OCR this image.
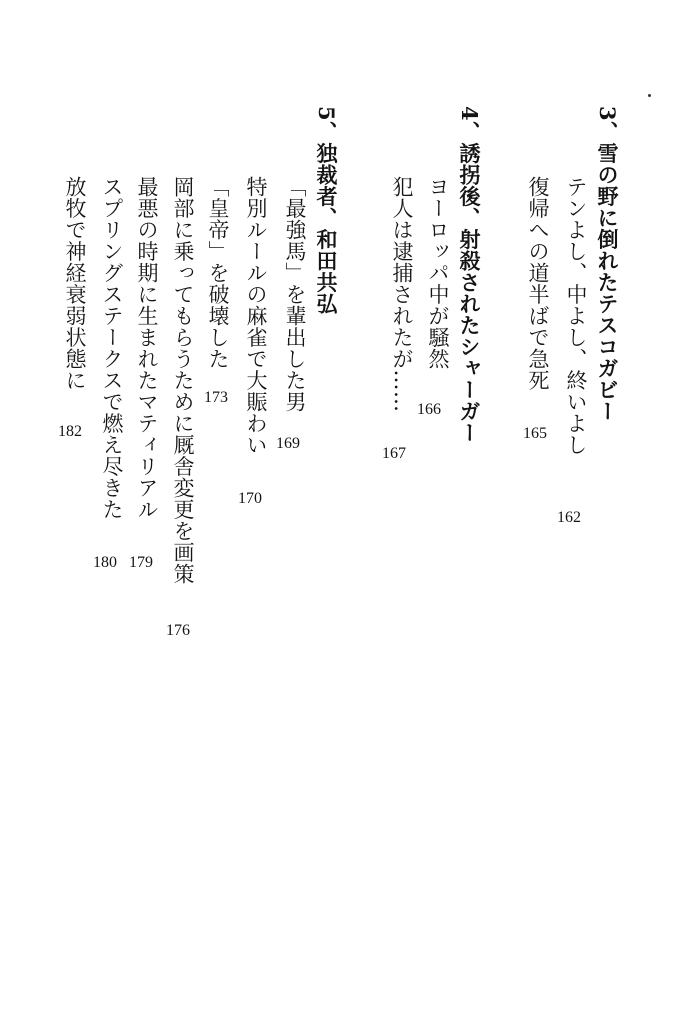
3、雪の野に倒れたテスコガビー
テンよし、中よし、終いよし
162
復帰への道半ばで急死
165
4、誘拐後、射殺されたシャーガー
ヨーロッパ中が騒然
166
犯人は逮捕されたが……
167
5、独裁者、和田共弘
「最強馬」を輩出した男
169
特別ルールの麻雀で大賑わい
170
「皇帝」を破壊した
173
岡部に乗ってもらうために厩舎変更を画策
176
最悪の時期に生まれたマティリアル
179
スプリングステークスで燃え尽きた
180
放牧で神経衰弱状態に
182
